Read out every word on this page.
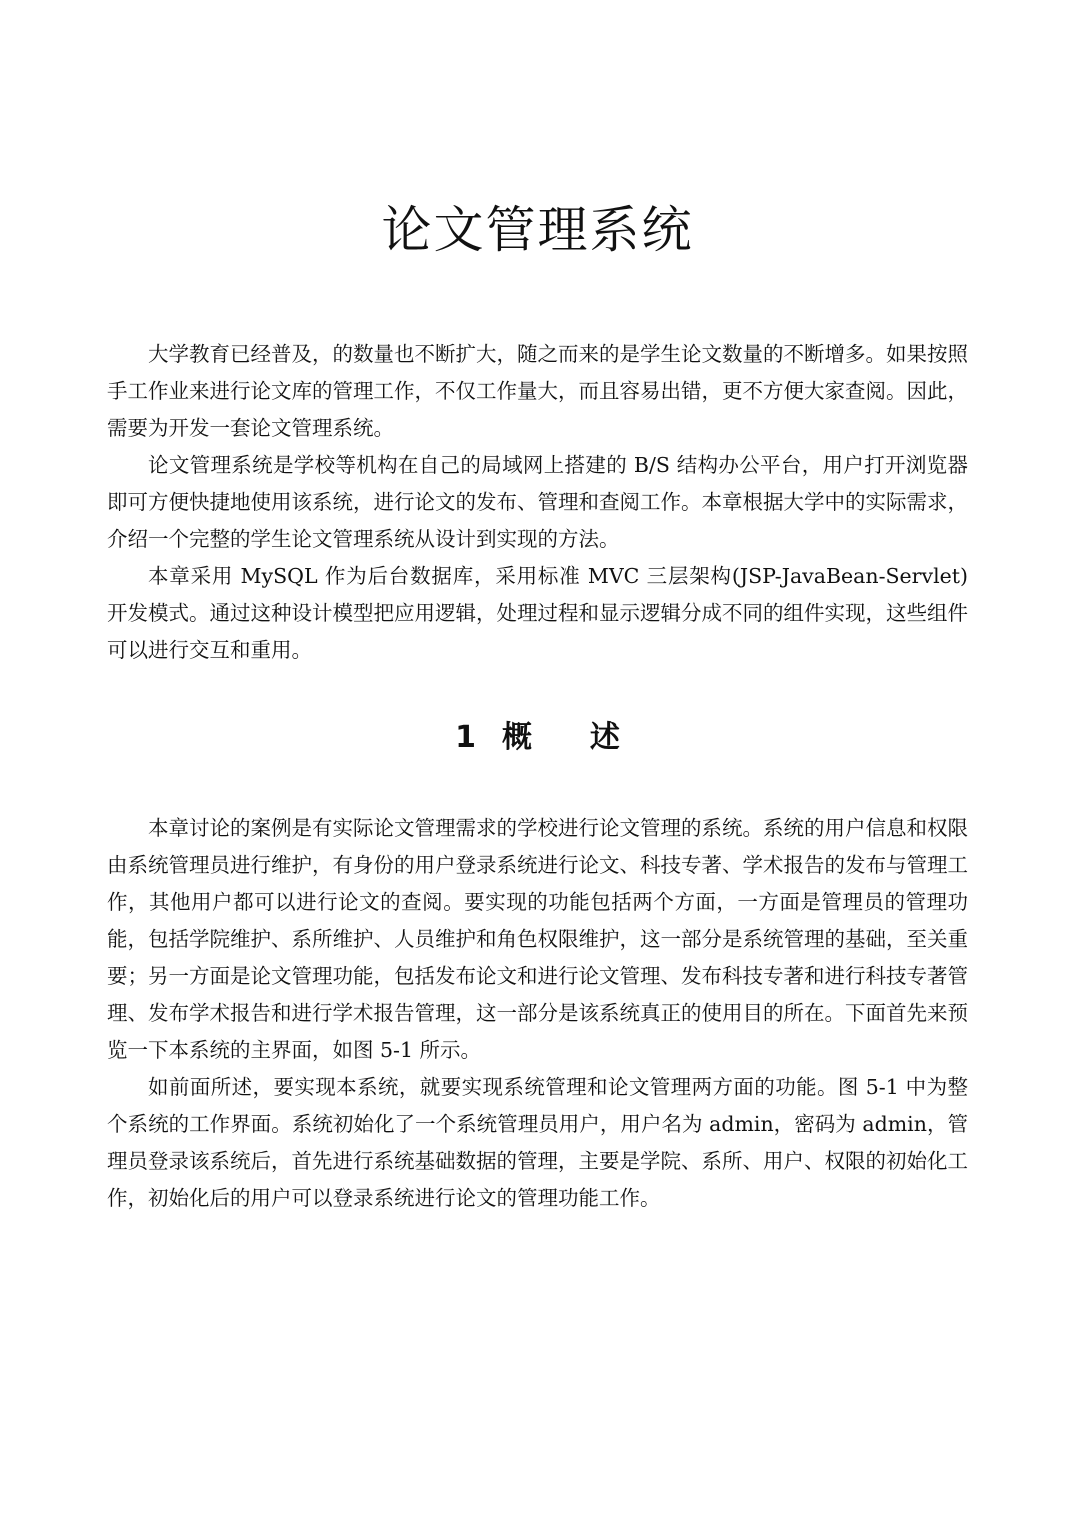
论文管理系统

大学教育已经普及，的数量也不断扩大，随之而来的是学生论文数量的不断增多。如果按照手工作业来进行论文库的管理工作，不仅工作量大，而且容易出错，更不方便大家查阅。因此，需要为开发一套论文管理系统。

论文管理系统是学校等机构在自己的局域网上搭建的 B/S 结构办公平台，用户打开浏览器即可方便快捷地使用该系统，进行论文的发布、管理和查阅工作。本章根据大学中的实际需求，介绍一个完整的学生论文管理系统从设计到实现的方法。

本章采用 MySQL 作为后台数据库，采用标准 MVC 三层架构(JSP-JavaBean-Servlet)开发模式。通过这种设计模型把应用逻辑，处理过程和显示逻辑分成不同的组件实现，这些组件可以进行交互和重用。

1 概述

本章讨论的案例是有实际论文管理需求的学校进行论文管理的系统。系统的用户信息和权限由系统管理员进行维护，有身份的用户登录系统进行论文、科技专著、学术报告的发布与管理工作，其他用户都可以进行论文的查阅。要实现的功能包括两个方面，一方面是管理员的管理功能，包括学院维护、系所维护、人员维护和角色权限维护，这一部分是系统管理的基础，至关重要；另一方面是论文管理功能，包括发布论文和进行论文管理、发布科技专著和进行科技专著管理、发布学术报告和进行学术报告管理，这一部分是该系统真正的使用目的所在。下面首先来预览一下本系统的主界面，如图 5-1 所示。

如前面所述，要实现本系统，就要实现系统管理和论文管理两方面的功能。图 5-1 中为整个系统的工作界面。系统初始化了一个系统管理员用户，用户名为 admin，密码为 admin，管理员登录该系统后，首先进行系统基础数据的管理，主要是学院、系所、用户、权限的初始化工作，初始化后的用户可以登录系统进行论文的管理功能工作。
